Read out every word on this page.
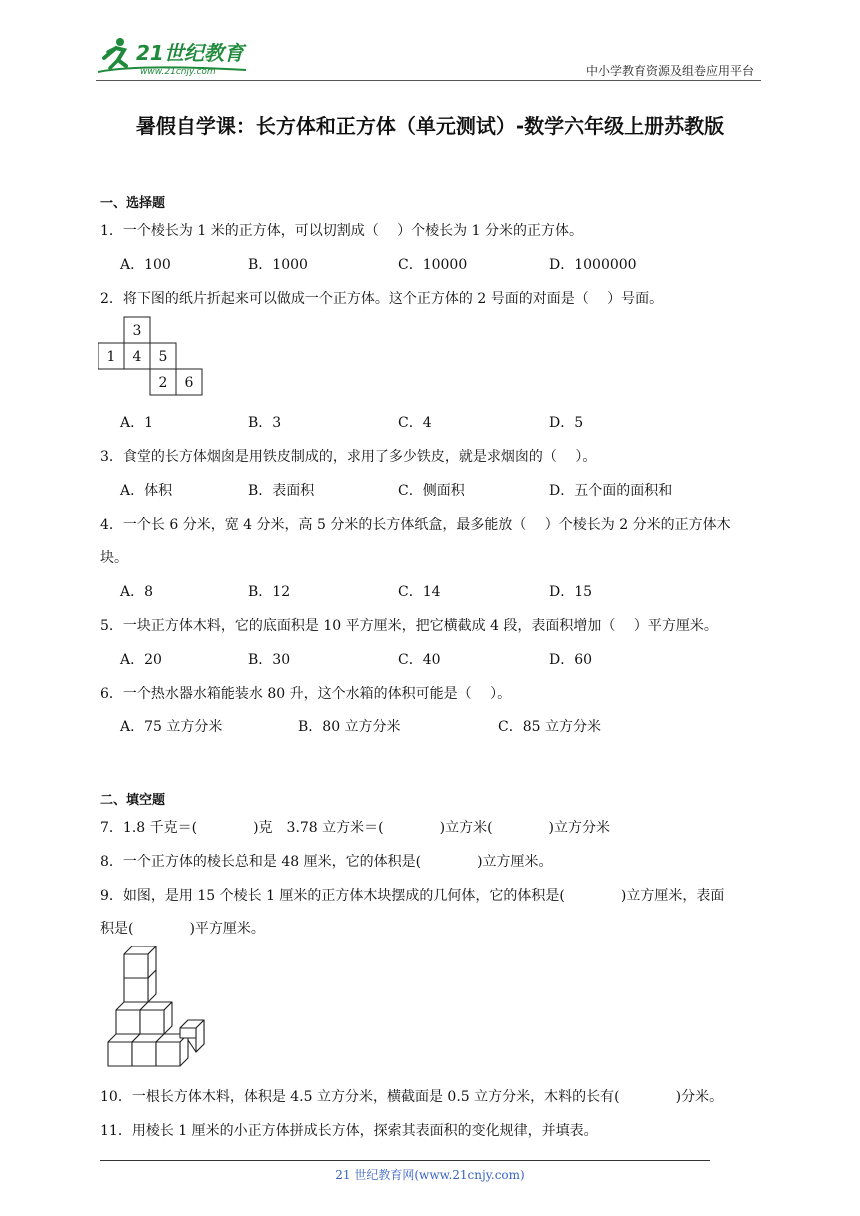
21世纪教育
www.21cnjy.com	中小学教育资源及组卷应用平台
暑假自学课：长方体和正方体（单元测试）-数学六年级上册苏教版
一、选择题
1．一个棱长为 1 米的正方体，可以切割成（　 ）个棱长为 1 分米的正方体。
A．100	B．1000	C．10000	D．1000000
2．将下图的纸片折起来可以做成一个正方体。这个正方体的 2 号面的对面是（　 ）号面。
3
1 4 5
2 6
A．1	B．3	C．4	D．5
3．食堂的长方体烟囱是用铁皮制成的，求用了多少铁皮，就是求烟囱的（　 ）。
A．体积	B．表面积	C．侧面积	D．五个面的面积和
4．一个长 6 分米，宽 4 分米，高 5 分米的长方体纸盒，最多能放（　 ）个棱长为 2 分米的正方体木
块。
A．8	B．12	C．14	D．15
5．一块正方体木料，它的底面积是 10 平方厘米，把它横截成 4 段，表面积增加（　 ）平方厘米。
A．20	B．30	C．40	D．60
6．一个热水器水箱能装水 80 升，这个水箱的体积可能是（　 ）。
A．75 立方分米	B．80 立方分米	C．85 立方分米
二、填空题
7．1.8 千克＝(　　　　)克　3.78 立方米＝(　　　　)立方米(　　　　)立方分米
8．一个正方体的棱长总和是 48 厘米，它的体积是(　　　　)立方厘米。
9．如图，是用 15 个棱长 1 厘米的正方体木块摆成的几何体，它的体积是(　　　　)立方厘米，表面
积是(　　　　)平方厘米。
10．一根长方体木料，体积是 4.5 立方分米，横截面是 0.5 立方分米，木料的长有(　　　　)分米。
11．用棱长 1 厘米的小正方体拼成长方体，探索其表面积的变化规律，并填表。
21 世纪教育网(www.21cnjy.com)
